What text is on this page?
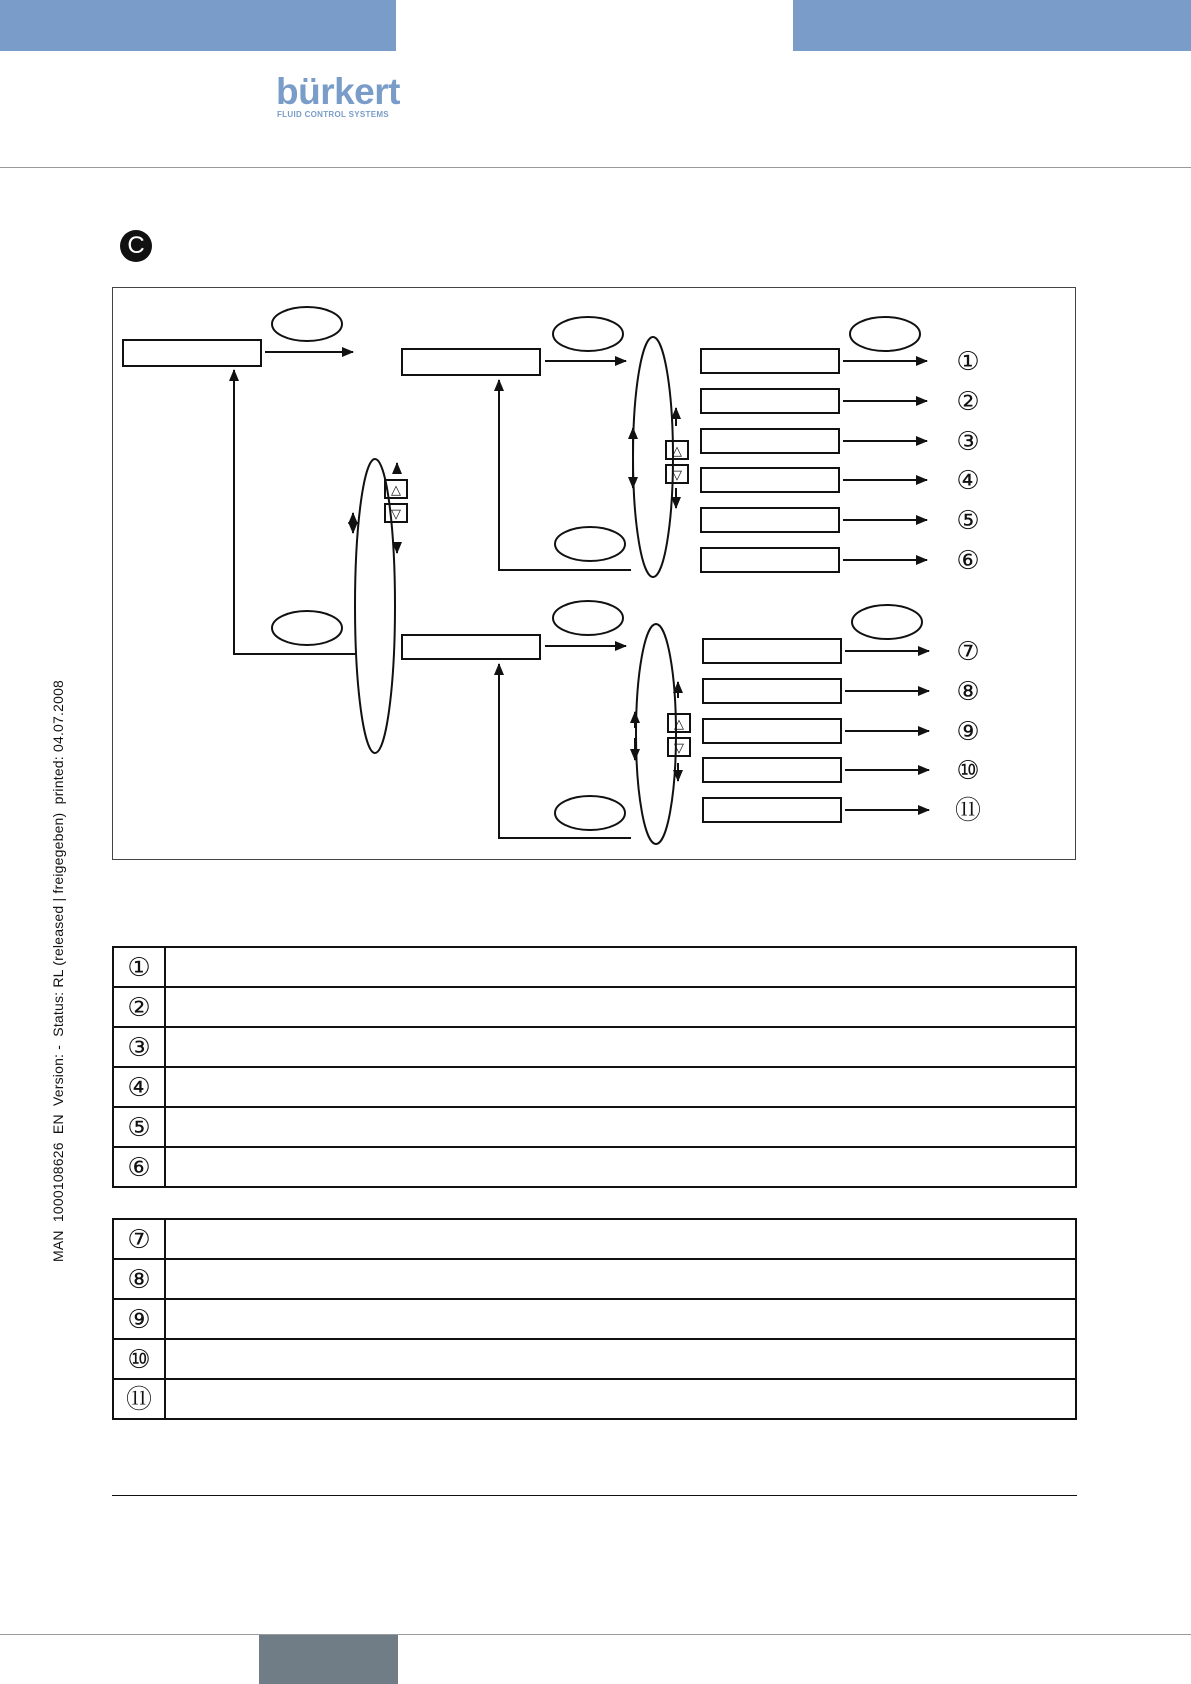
bürkert
FLUID CONTROL SYSTEMS
C
MAN  1000108626  EN  Version: -  Status: RL (released | freigegeben)  printed: 04.07.2008
△
▽
△
▽
△
▽
①
②
③
④
⑤
⑥
⑦
⑧
⑨
⑩
⑪
①	
②	
③	
④	
⑤	
⑥	
⑦	
⑧	
⑨	
⑩	
⑪	
